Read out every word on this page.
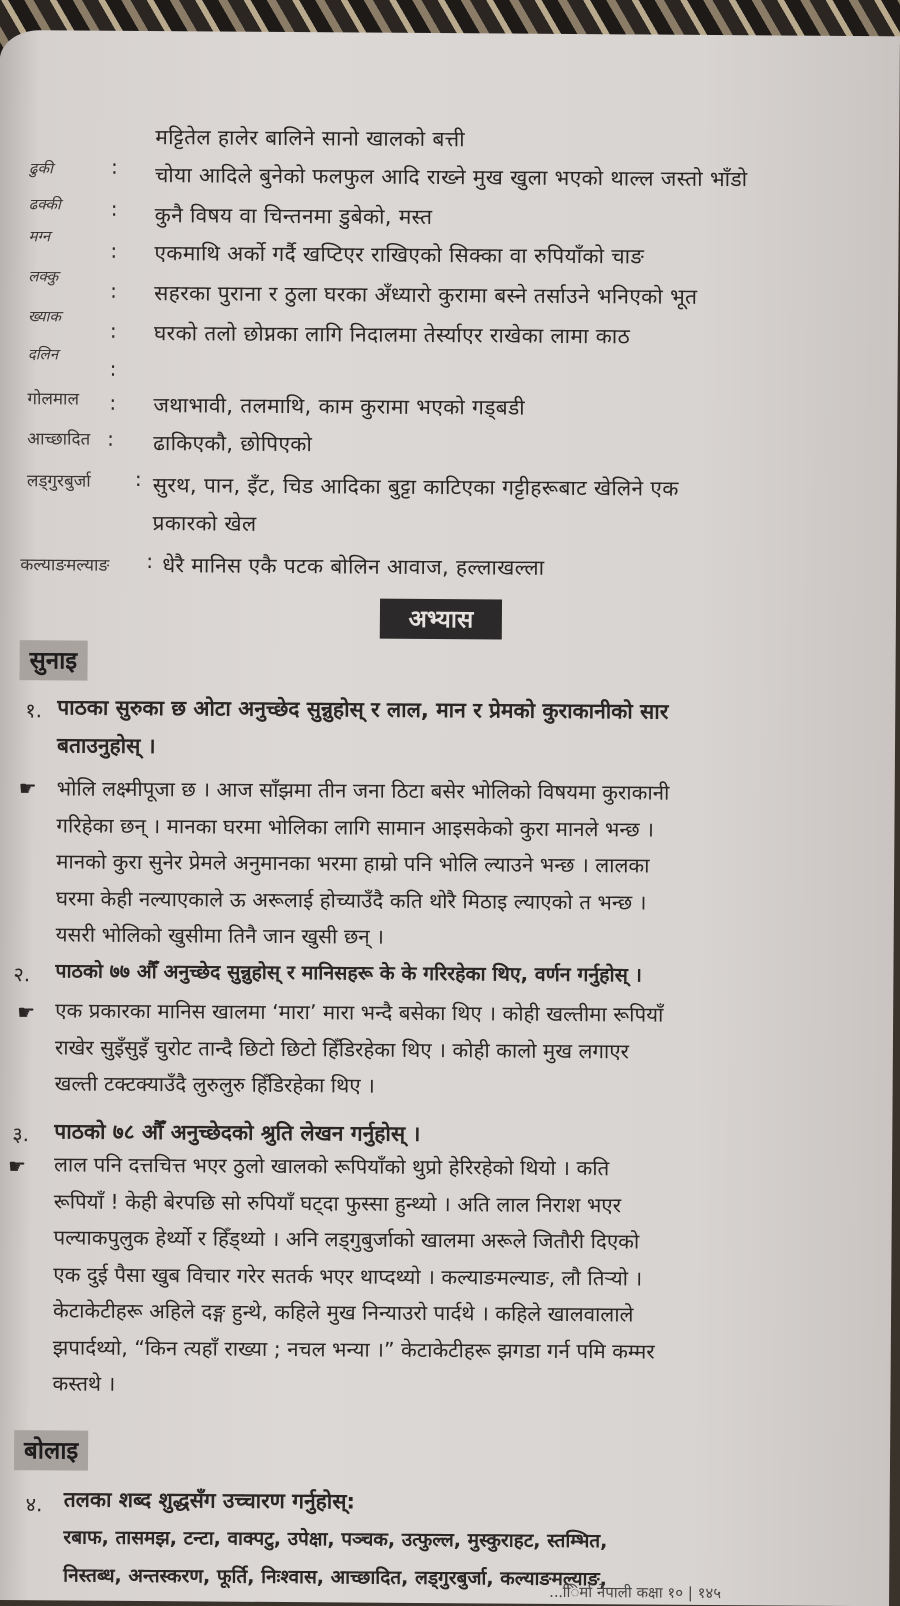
मट्टितेल हालेर बालिने सानो खालको बत्ती
ढुकी	: चोया आदिले बुनेको फलफुल आदि राख्ने मुख खुला भएको थाल्ल जस्तो भाँडो
ढक्की : कुनै विषय वा चिन्तनमा डुबेको, मस्त
मग्न
: एकमाथि अर्को गर्दै खप्टिएर राखिएको सिक्का वा रुपियाँको चाङ
लक्कु
: सहरका पुराना र ठुला घरका अँध्यारो कुरामा बस्ने तर्साउने भनिएको भूत
ख्याक
: घरको तलो छोप्नका लागि निदालमा तेर्स्याएर राखेका लामा काठ
दलिन
:
गोलमाल : जथाभावी, तलमाथि, काम कुरामा भएको गड्बडी
आच्छादित : ढाकिएकौ, छोपिएको
लड्गुरबुर्जा : सुरथ, पान, इँट, चिड आदिका बुट्टा काटिएका गट्टीहरूबाट खेलिने एक
प्रकारको खेल
कल्याङमल्याङ : धेरै मानिस एकै पटक बोलिन आवाज, हल्लाखल्ला
अभ्यास
सुनाइ
१. पाठका सुरुका छ ओटा अनुच्छेद सुन्नुहोस् र लाल, मान र प्रेमको कुराकानीको सार
बताउनुहोस् ।
☛ भोलि लक्ष्मीपूजा छ । आज साँझमा तीन जना ठिटा बसेर भोलिको विषयमा कुराकानी
गरिहेका छन् । मानका घरमा भोलिका लागि सामान आइसकेको कुरा मानले भन्छ ।
मानको कुरा सुनेर प्रेमले अनुमानका भरमा हाम्रो पनि भोलि ल्याउने भन्छ । लालका
घरमा केही नल्याएकाले ऊ अरूलाई होच्याउँदै कति थोरै मिठाइ ल्याएको त भन्छ ।
यसरी भोलिको खुसीमा तिनै जान खुसी छन् ।
२. पाठको ७७ औँ अनुच्छेद सुन्नुहोस् र मानिसहरू के के गरिरहेका थिए, वर्णन गर्नुहोस् ।
☛ एक प्रकारका मानिस खालमा ‘मारा’ मारा भन्दै बसेका थिए । कोही खल्तीमा रूपियाँ
राखेर सुइँसुइँ चुरोट तान्दै छिटो छिटो हिँडिरहेका थिए । कोही कालो मुख लगाएर
खल्ती टक्टक्याउँदै लुरुलुरु हिँडिरहेका थिए ।
३. पाठको ७८ औँ अनुच्छेदको श्रुति लेखन गर्नुहोस् ।
☛ लाल पनि दत्तचित्त भएर ठुलो खालको रूपियाँको थुप्रो हेरिरहेको थियो । कति
रूपियाँ ! केही बेरपछि सो रुपियाँ घट्दा फुस्सा हुन्थ्यो । अति लाल निराश भएर
पल्याकपुलुक हेर्थ्यो र हिँड्थ्यो । अनि लड्गुबुर्जाको खालमा अरूले जितौरी दिएको
एक दुई पैसा खुब विचार गरेर सतर्क भएर थाप्दथ्यो । कल्याङमल्याङ, लौ तिऱ्यो ।
केटाकेटीहरू अहिले दङ्ग हुन्थे, कहिले मुख निन्याउरो पार्दथे । कहिले खालवालाले
झपार्दथ्यो, “किन त्यहाँ राख्या ; नचल भन्या ।” केटाकेटीहरू झगडा गर्न पमि कम्मर
कस्तथे ।
बोलाइ
४. तलका शब्द शुद्धसँग उच्चारण गर्नुहोस्:
रबाफ, तासमझ, टन्टा, वाक्पटु, उपेक्षा, पञ्चक, उत्फुल्ल, मुस्कुराहट, स्तम्भित,
निस्तब्ध, अन्तस्करण, फूर्ति, निःश्वास, आच्छादित, लड्गुरबुर्जा, कल्याङमल्याङ,
...ििर्मा नेपाली कक्षा १० | १४५
